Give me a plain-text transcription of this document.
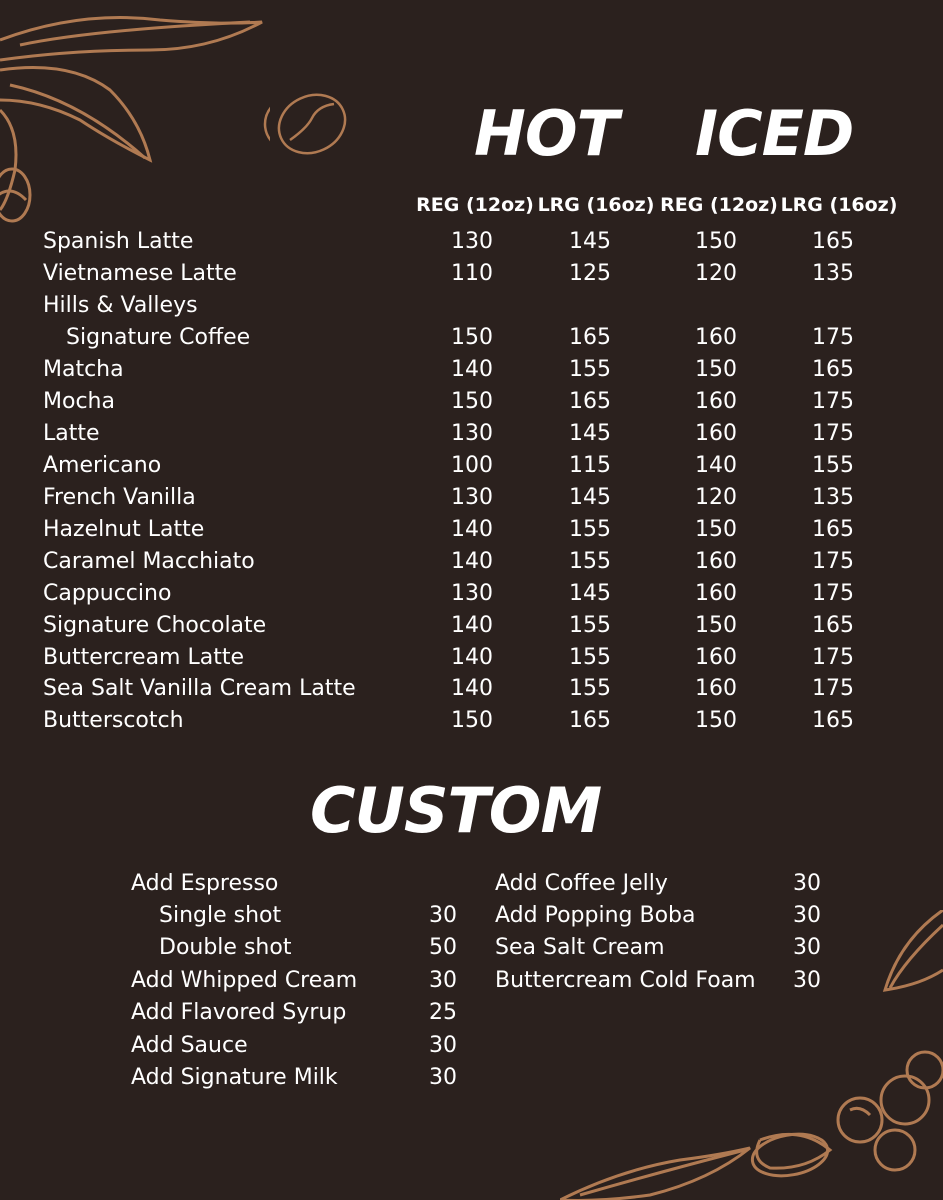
HOT ICED
REG (12oz) LRG (16oz) REG (12oz) LRG (16oz)
Spanish Latte	130	145	150	165
Vietnamese Latte	110	125	120	135
Hills & Valleys
Signature Coffee	150	165	160	175
Matcha	140	155	150	165
Mocha	150	165	160	175
Latte	130	145	160	175
Americano	100	115	140	155
French Vanilla	130	145	120	135
Hazelnut Latte	140	155	150	165
Caramel Macchiato	140	155	160	175
Cappuccino	130	145	160	175
Signature Chocolate	140	155	150	165
Buttercream Latte	140	155	160	175
Sea Salt Vanilla Cream Latte	140	155	160	175
Butterscotch	150	165	150	165
CUSTOM
Add Espresso
Single shot	30
Double shot	50
Add Whipped Cream	30
Add Flavored Syrup	25
Add Sauce	30
Add Signature Milk	30
Add Coffee Jelly	30
Add Popping Boba	30
Sea Salt Cream	30
Buttercream Cold Foam	30
